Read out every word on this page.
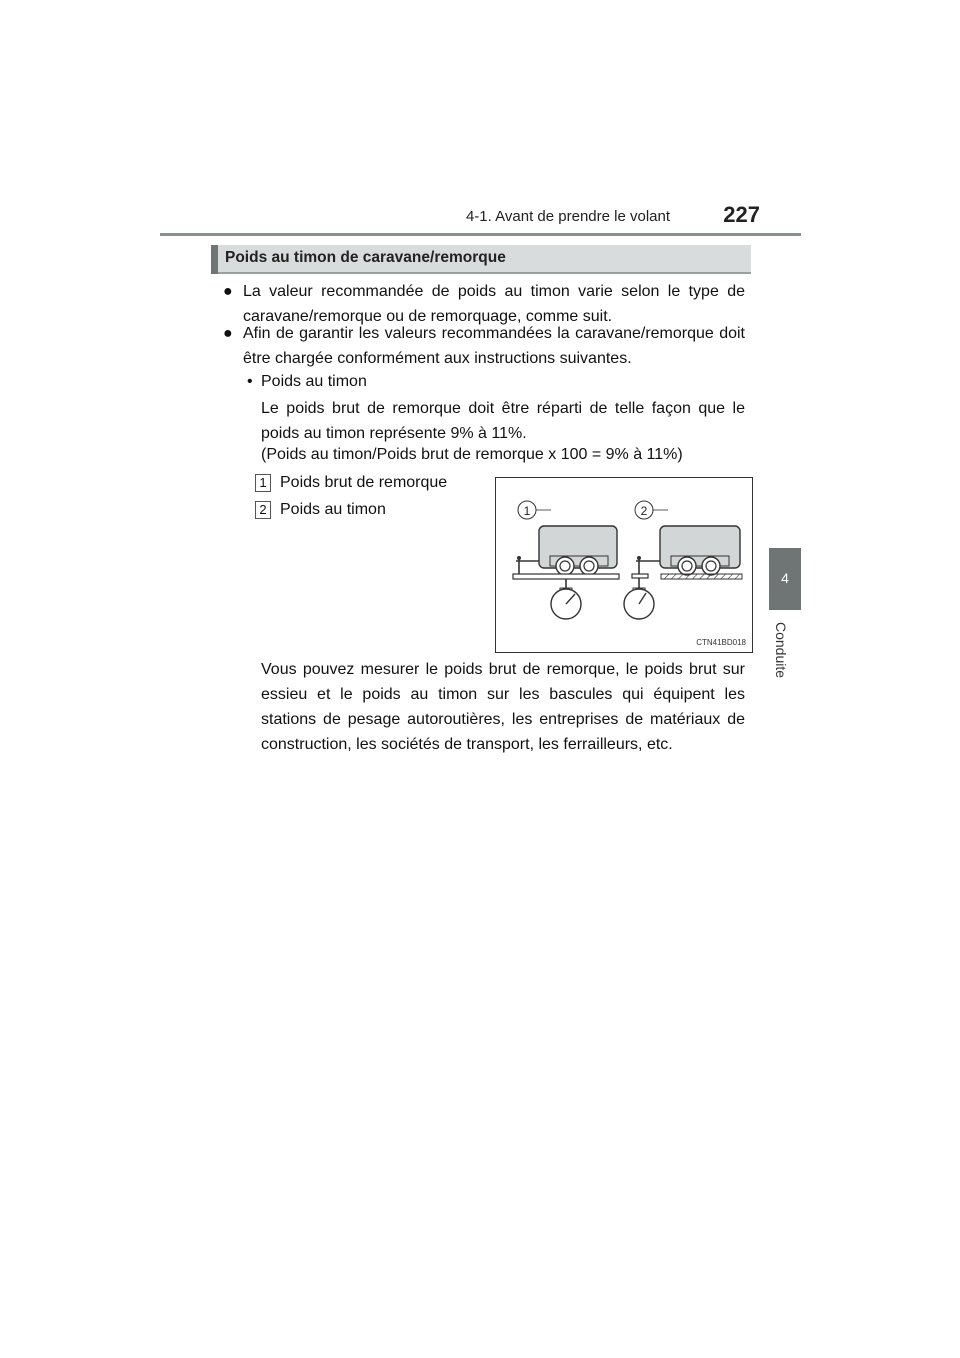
4-1. Avant de prendre le volant 227
4
Conduite
Poids au timon de caravane/remorque
● La valeur recommandée de poids au timon varie selon le type de caravane/remorque ou de remorquage, comme suit.
● Afin de garantir les valeurs recommandées la caravane/remorque doit être chargée conformément aux instructions suivantes.
• Poids au timon
Le poids brut de remorque doit être réparti de telle façon que le poids au timon représente 9% à 11%.
(Poids au timon/Poids brut de remorque x 100 = 9% à 11%)
1 Poids brut de remorque
2 Poids au timon	1	2
CTN41BD018
Vous pouvez mesurer le poids brut de remorque, le poids brut sur essieu et le poids au timon sur les bascules qui équipent les stations de pesage autoroutières, les entreprises de matériaux de construction, les sociétés de transport, les ferrailleurs, etc.
